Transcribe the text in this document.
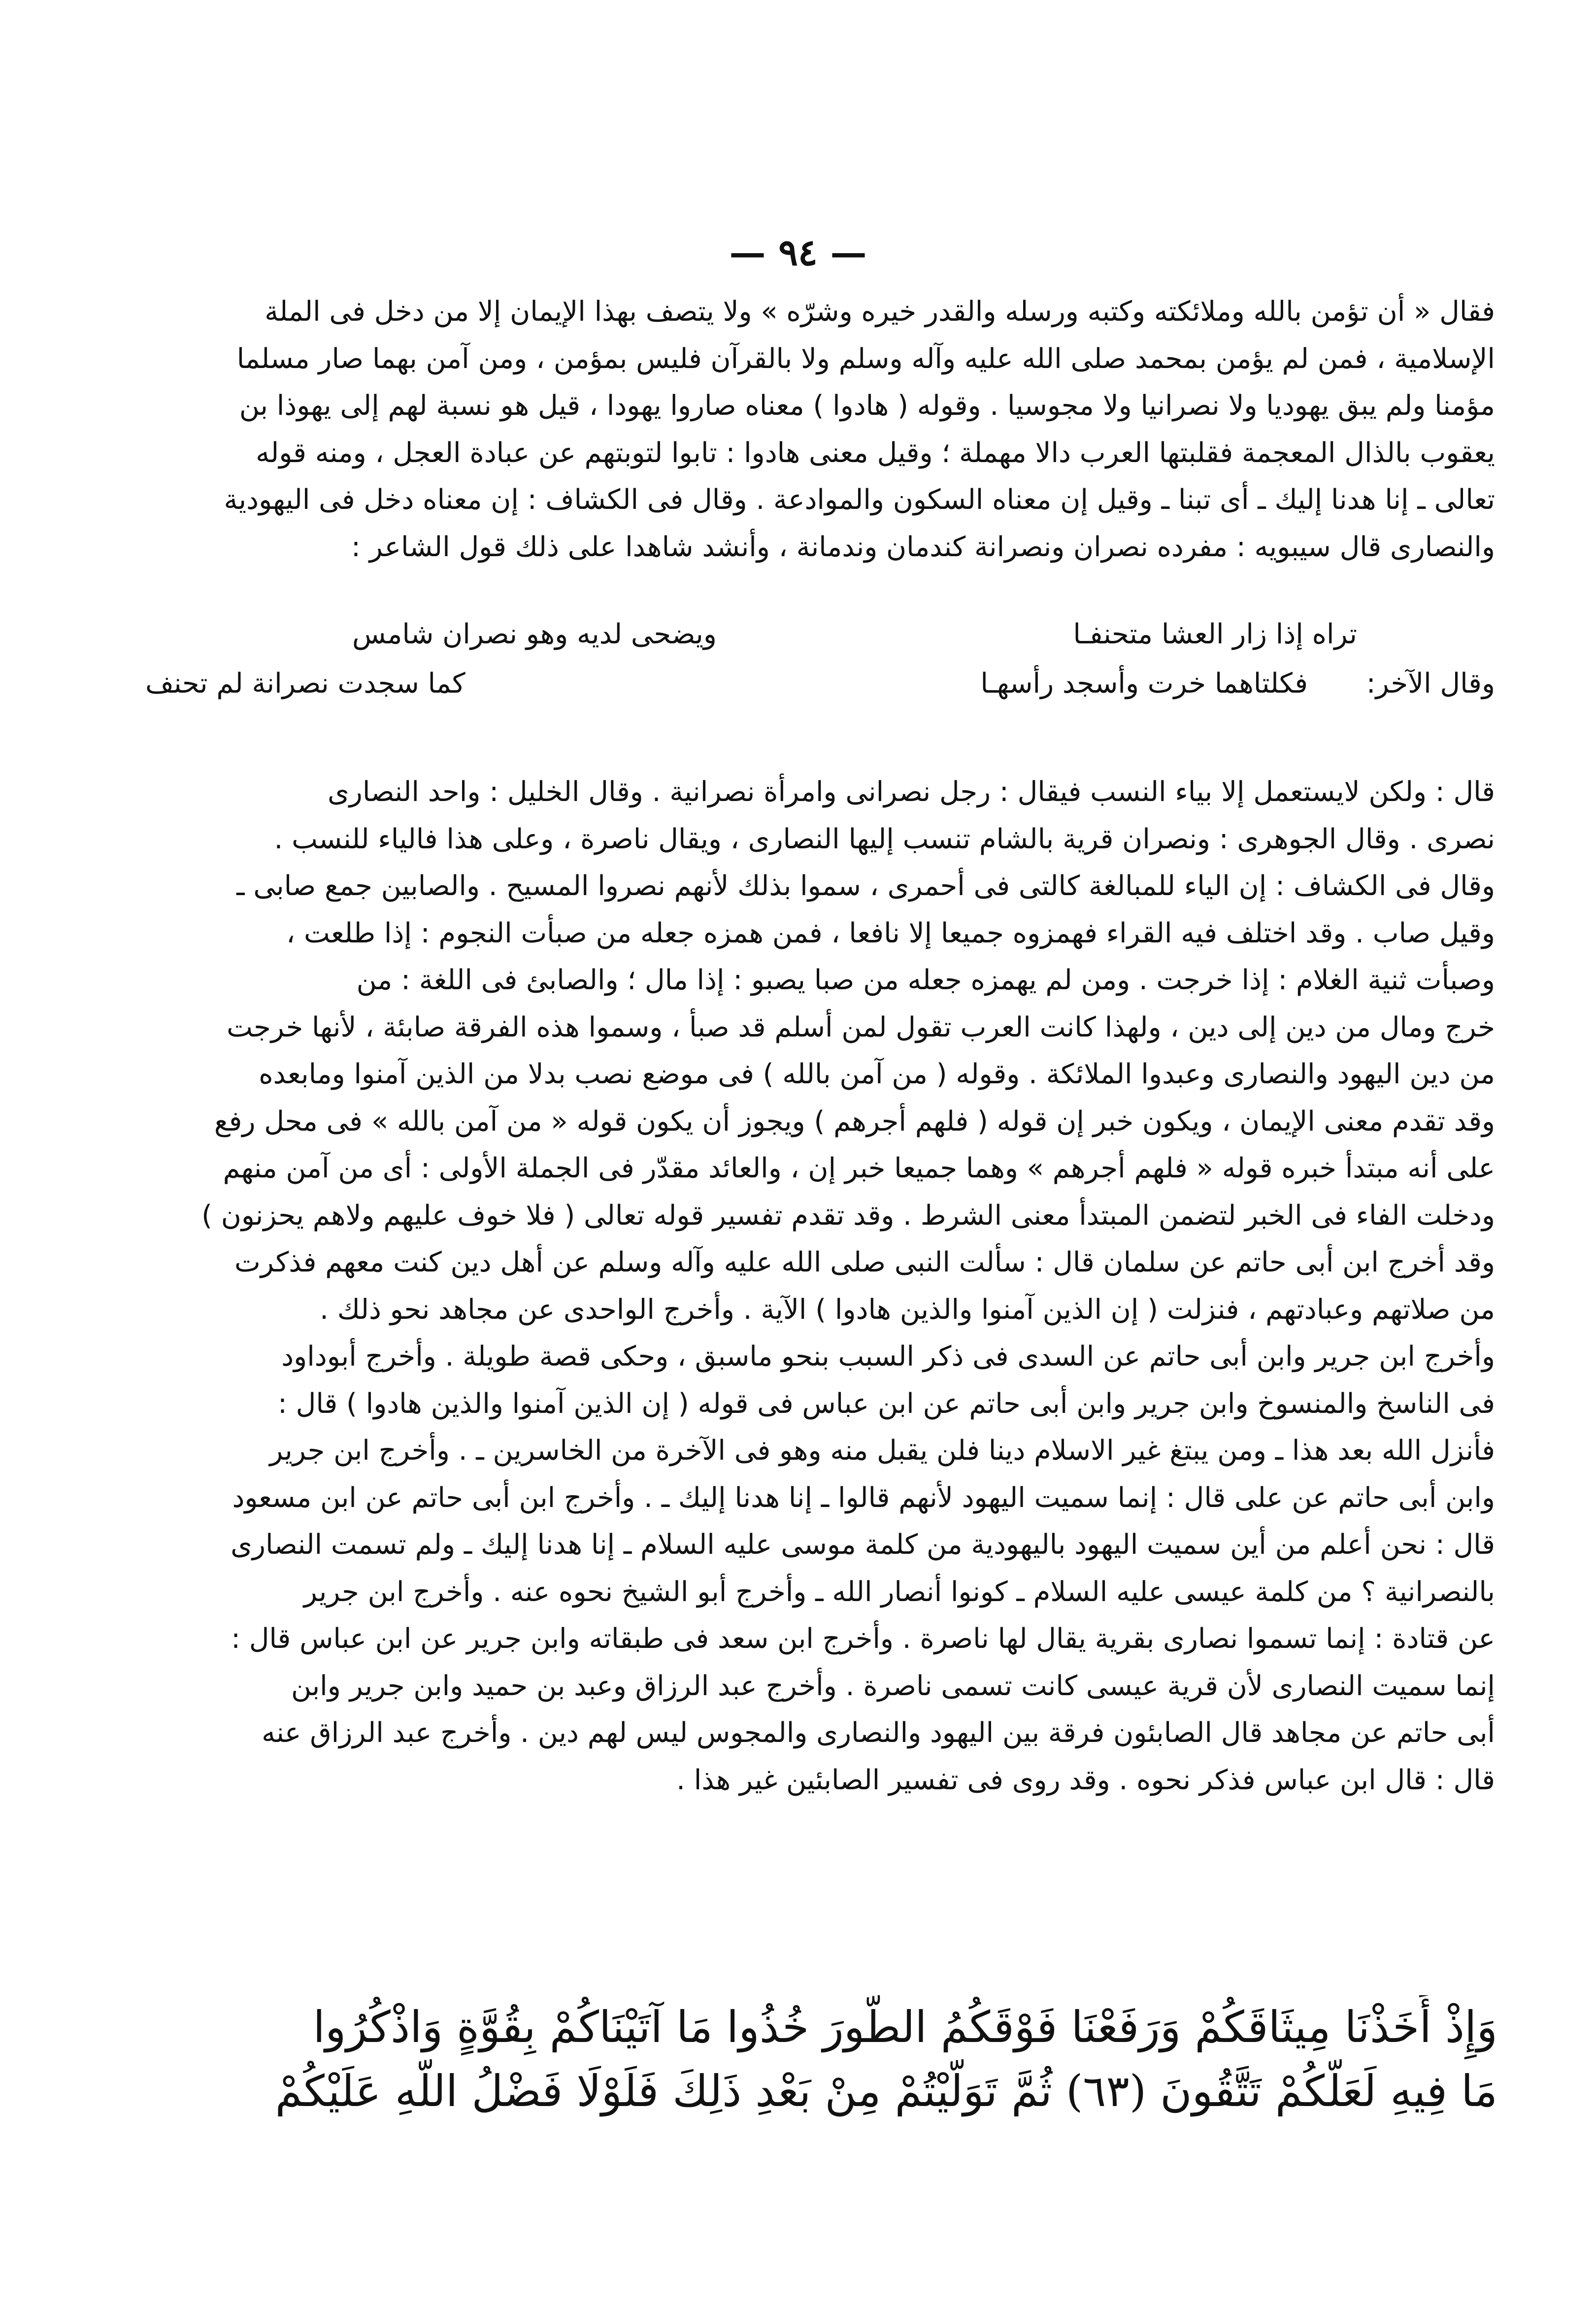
— ٩٤ —
فقال « أن تؤمن بالله وملائكته وكتبه ورسله والقدر خيره وشرّه » ولا يتصف بهذا الإيمان إلا من دخل فى الملة
الإسلامية ، فمن لم يؤمن بمحمد صلى الله عليه وآله وسلم ولا بالقرآن فليس بمؤمن ، ومن آمن بهما صار مسلما
مؤمنا ولم يبق يهوديا ولا نصرانيا ولا مجوسيا . وقوله ( هادوا ) معناه صاروا يهودا ، قيل هو نسبة لهم إلى يهوذا بن
يعقوب بالذال المعجمة فقلبتها العرب دالا مهملة ؛ وقيل معنى هادوا : تابوا لتوبتهم عن عبادة العجل ، ومنه قوله
تعالى ـ إنا هدنا إليك ـ أى تبنا ـ وقيل إن معناه السكون والموادعة . وقال فى الكشاف : إن معناه دخل فى اليهودية
والنصارى قال سيبويه : مفرده نصران ونصرانة كندمان وندمانة ، وأنشد شاهدا على ذلك قول الشاعر :
تراه إذا زار العشا متحنفـا
ويضحى لديه وهو نصران شامس
وقال الآخر:
فكلتاهما خرت وأسجد رأسهـا
كما سجدت نصرانة لم تحنف
قال : ولكن لايستعمل إلا بياء النسب فيقال : رجل نصرانى وامرأة نصرانية . وقال الخليل : واحد النصارى
نصرى . وقال الجوهرى : ونصران قرية بالشام تنسب إليها النصارى ، ويقال ناصرة ، وعلى هذا فالياء للنسب .
وقال فى الكشاف : إن الياء للمبالغة كالتى فى أحمرى ، سموا بذلك لأنهم نصروا المسيح . والصابين جمع صابى ـ
وقيل صاب . وقد اختلف فيه القراء فهمزوه جميعا إلا نافعا ، فمن همزه جعله من صبأت النجوم : إذا طلعت ،
وصبأت ثنية الغلام : إذا خرجت . ومن لم يهمزه جعله من صبا يصبو : إذا مال ؛ والصابئ فى اللغة : من
خرج ومال من دين إلى دين ، ولهذا كانت العرب تقول لمن أسلم قد صبأ ، وسموا هذه الفرقة صابئة ، لأنها خرجت
من دين اليهود والنصارى وعبدوا الملائكة . وقوله ( من آمن بالله ) فى موضع نصب بدلا من الذين آمنوا ومابعده
وقد تقدم معنى الإيمان ، ويكون خبر إن قوله ( فلهم أجرهم ) ويجوز أن يكون قوله « من آمن بالله » فى محل رفع
على أنه مبتدأ خبره قوله « فلهم أجرهم » وهما جميعا خبر إن ، والعائد مقدّر فى الجملة الأولى : أى من آمن منهم
ودخلت الفاء فى الخبر لتضمن المبتدأ معنى الشرط . وقد تقدم تفسير قوله تعالى ( فلا خوف عليهم ولاهم يحزنون )
وقد أخرج ابن أبى حاتم عن سلمان قال : سألت النبى صلى الله عليه وآله وسلم عن أهل دين كنت معهم فذكرت
من صلاتهم وعبادتهم ، فنزلت ( إن الذين آمنوا والذين هادوا ) الآية . وأخرج الواحدى عن مجاهد نحو ذلك .
وأخرج ابن جرير وابن أبى حاتم عن السدى فى ذكر السبب بنحو ماسبق ، وحكى قصة طويلة . وأخرج أبوداود
فى الناسخ والمنسوخ وابن جرير وابن أبى حاتم عن ابن عباس فى قوله ( إن الذين آمنوا والذين هادوا ) قال :
فأنزل الله بعد هذا ـ ومن يبتغ غير الاسلام دينا فلن يقبل منه وهو فى الآخرة من الخاسرين ـ . وأخرج ابن جرير
وابن أبى حاتم عن على قال : إنما سميت اليهود لأنهم قالوا ـ إنا هدنا إليك ـ . وأخرج ابن أبى حاتم عن ابن مسعود
قال : نحن أعلم من أين سميت اليهود باليهودية من كلمة موسى عليه السلام ـ إنا هدنا إليك ـ ولم تسمت النصارى
بالنصرانية ؟ من كلمة عيسى عليه السلام ـ كونوا أنصار الله ـ وأخرج أبو الشيخ نحوه عنه . وأخرج ابن جرير
عن قتادة : إنما تسموا نصارى بقرية يقال لها ناصرة . وأخرج ابن سعد فى طبقاته وابن جرير عن ابن عباس قال :
إنما سميت النصارى لأن قرية عيسى كانت تسمى ناصرة . وأخرج عبد الرزاق وعبد بن حميد وابن جرير وابن
أبى حاتم عن مجاهد قال الصابئون فرقة بين اليهود والنصارى والمجوس ليس لهم دين . وأخرج عبد الرزاق عنه
قال : قال ابن عباس فذكر نحوه . وقد روى فى تفسير الصابئين غير هذا .
وَإِذْ أَخَذْنَا مِيثَاقَكُمْ وَرَفَعْنَا فَوْقَكُمُ الطُّورَ خُذُوا مَا آتَيْنَاكُمْ بِقُوَّةٍ وَاذْكُرُوا
مَا فِيهِ لَعَلَّكُمْ تَتَّقُونَ (٦٣) ثُمَّ تَوَلَّيْتُمْ مِنْ بَعْدِ ذَلِكَ فَلَوْلَا فَضْلُ اللَّهِ عَلَيْكُمْ
